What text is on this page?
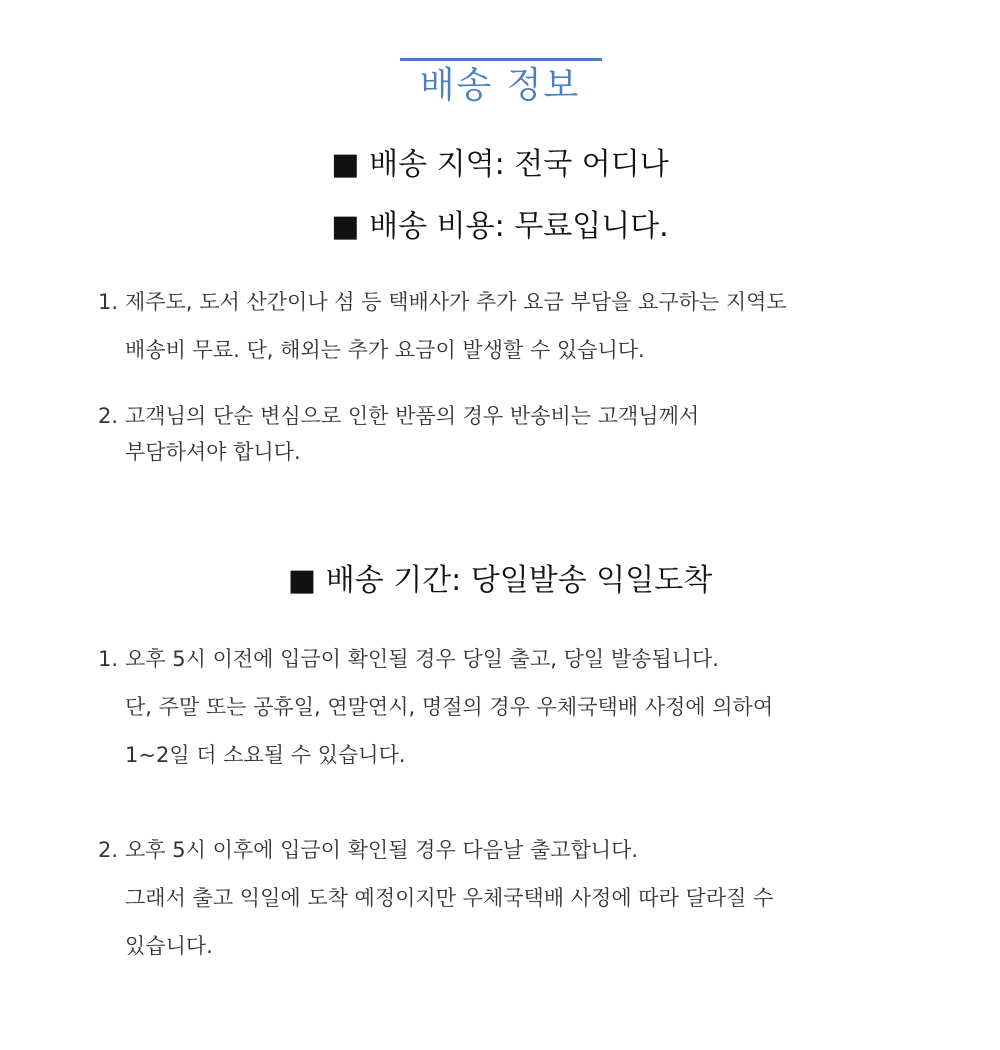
배송 정보
■ 배송 지역: 전국 어디나
■ 배송 비용: 무료입니다.
1. 제주도, 도서 산간이나 섬 등 택배사가 추가 요금 부담을 요구하는 지역도
배송비 무료. 단, 해외는 추가 요금이 발생할 수 있습니다.
2. 고객님의 단순 변심으로 인한 반품의 경우 반송비는 고객님께서
부담하셔야 합니다.
■ 배송 기간: 당일발송 익일도착
1. 오후 5시 이전에 입금이 확인될 경우 당일 출고, 당일 발송됩니다.
단, 주말 또는 공휴일, 연말연시, 명절의 경우 우체국택배 사정에 의하여
1~2일 더 소요될 수 있습니다.
2. 오후 5시 이후에 입금이 확인될 경우 다음날 출고합니다.
그래서 출고 익일에 도착 예정이지만 우체국택배 사정에 따라 달라질 수
있습니다.
